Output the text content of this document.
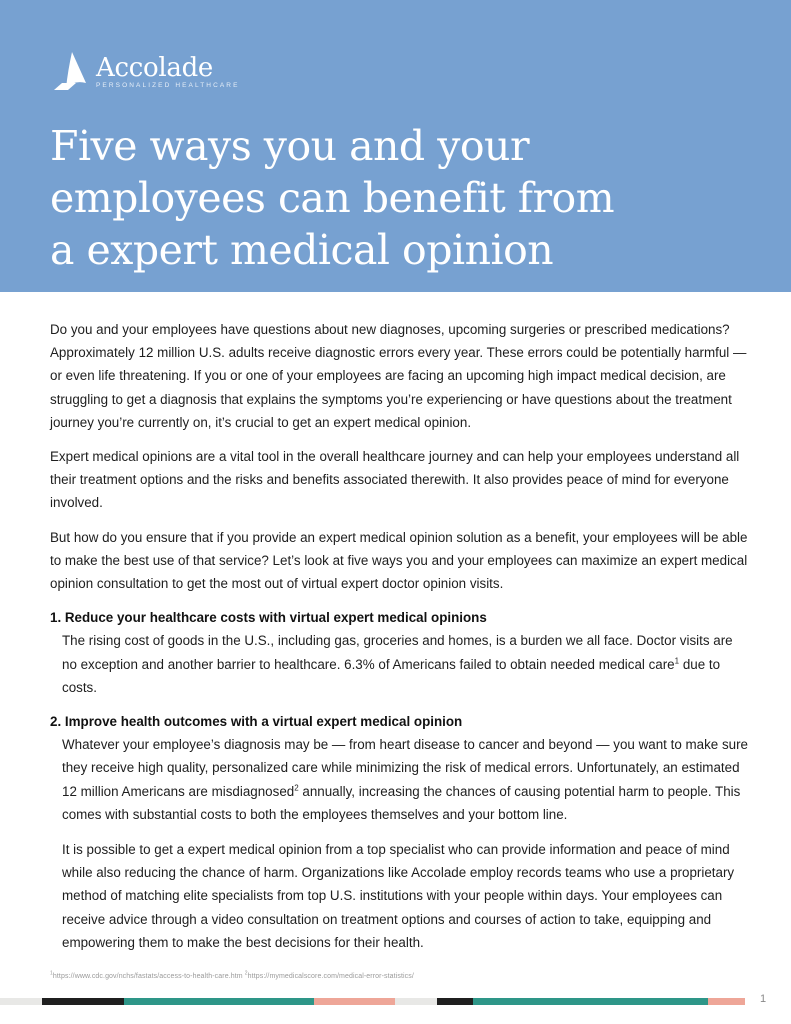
Accolade
PERSONALIZED HEALTHCARE
Five ways you and your
employees can benefit from
a expert medical opinion

Do you and your employees have questions about new diagnoses, upcoming surgeries or prescribed medications? Approximately 12 million U.S. adults receive diagnostic errors every year. These errors could be potentially harmful — or even life threatening. If you or one of your employees are facing an upcoming high impact medical decision, are struggling to get a diagnosis that explains the symptoms you’re experiencing or have questions about the treatment journey you’re currently on, it’s crucial to get an expert medical opinion.

Expert medical opinions are a vital tool in the overall healthcare journey and can help your employees understand all their treatment options and the risks and benefits associated therewith. It also provides peace of mind for everyone involved.

But how do you ensure that if you provide an expert medical opinion solution as a benefit, your employees will be able to make the best use of that service? Let’s look at five ways you and your employees can maximize an expert medical opinion consultation to get the most out of virtual expert doctor opinion visits.

1. Reduce your healthcare costs with virtual expert medical opinions

The rising cost of goods in the U.S., including gas, groceries and homes, is a burden we all face. Doctor visits are no exception and another barrier to healthcare. 6.3% of Americans failed to obtain needed medical care$^1$ due to costs.

2. Improve health outcomes with a virtual expert medical opinion

Whatever your employee’s diagnosis may be — from heart disease to cancer and beyond — you want to make sure they receive high quality, personalized care while minimizing the risk of medical errors. Unfortunately, an estimated 12 million Americans are misdiagnosed$^2$ annually, increasing the chances of causing potential harm to people. This comes with substantial costs to both the employees themselves and your bottom line.

It is possible to get a expert medical opinion from a top specialist who can provide information and peace of mind while also reducing the chance of harm. Organizations like Accolade employ records teams who use a proprietary method of matching elite specialists from top U.S. institutions with your people within days. Your employees can receive advice through a video consultation on treatment options and courses of action to take, equipping and empowering them to make the best decisions for their health.

$^1$https://www.cdc.gov/nchs/fastats/access-to-health-care.htm $^2$https://mymedicalscore.com/medical-error-statistics/
1
